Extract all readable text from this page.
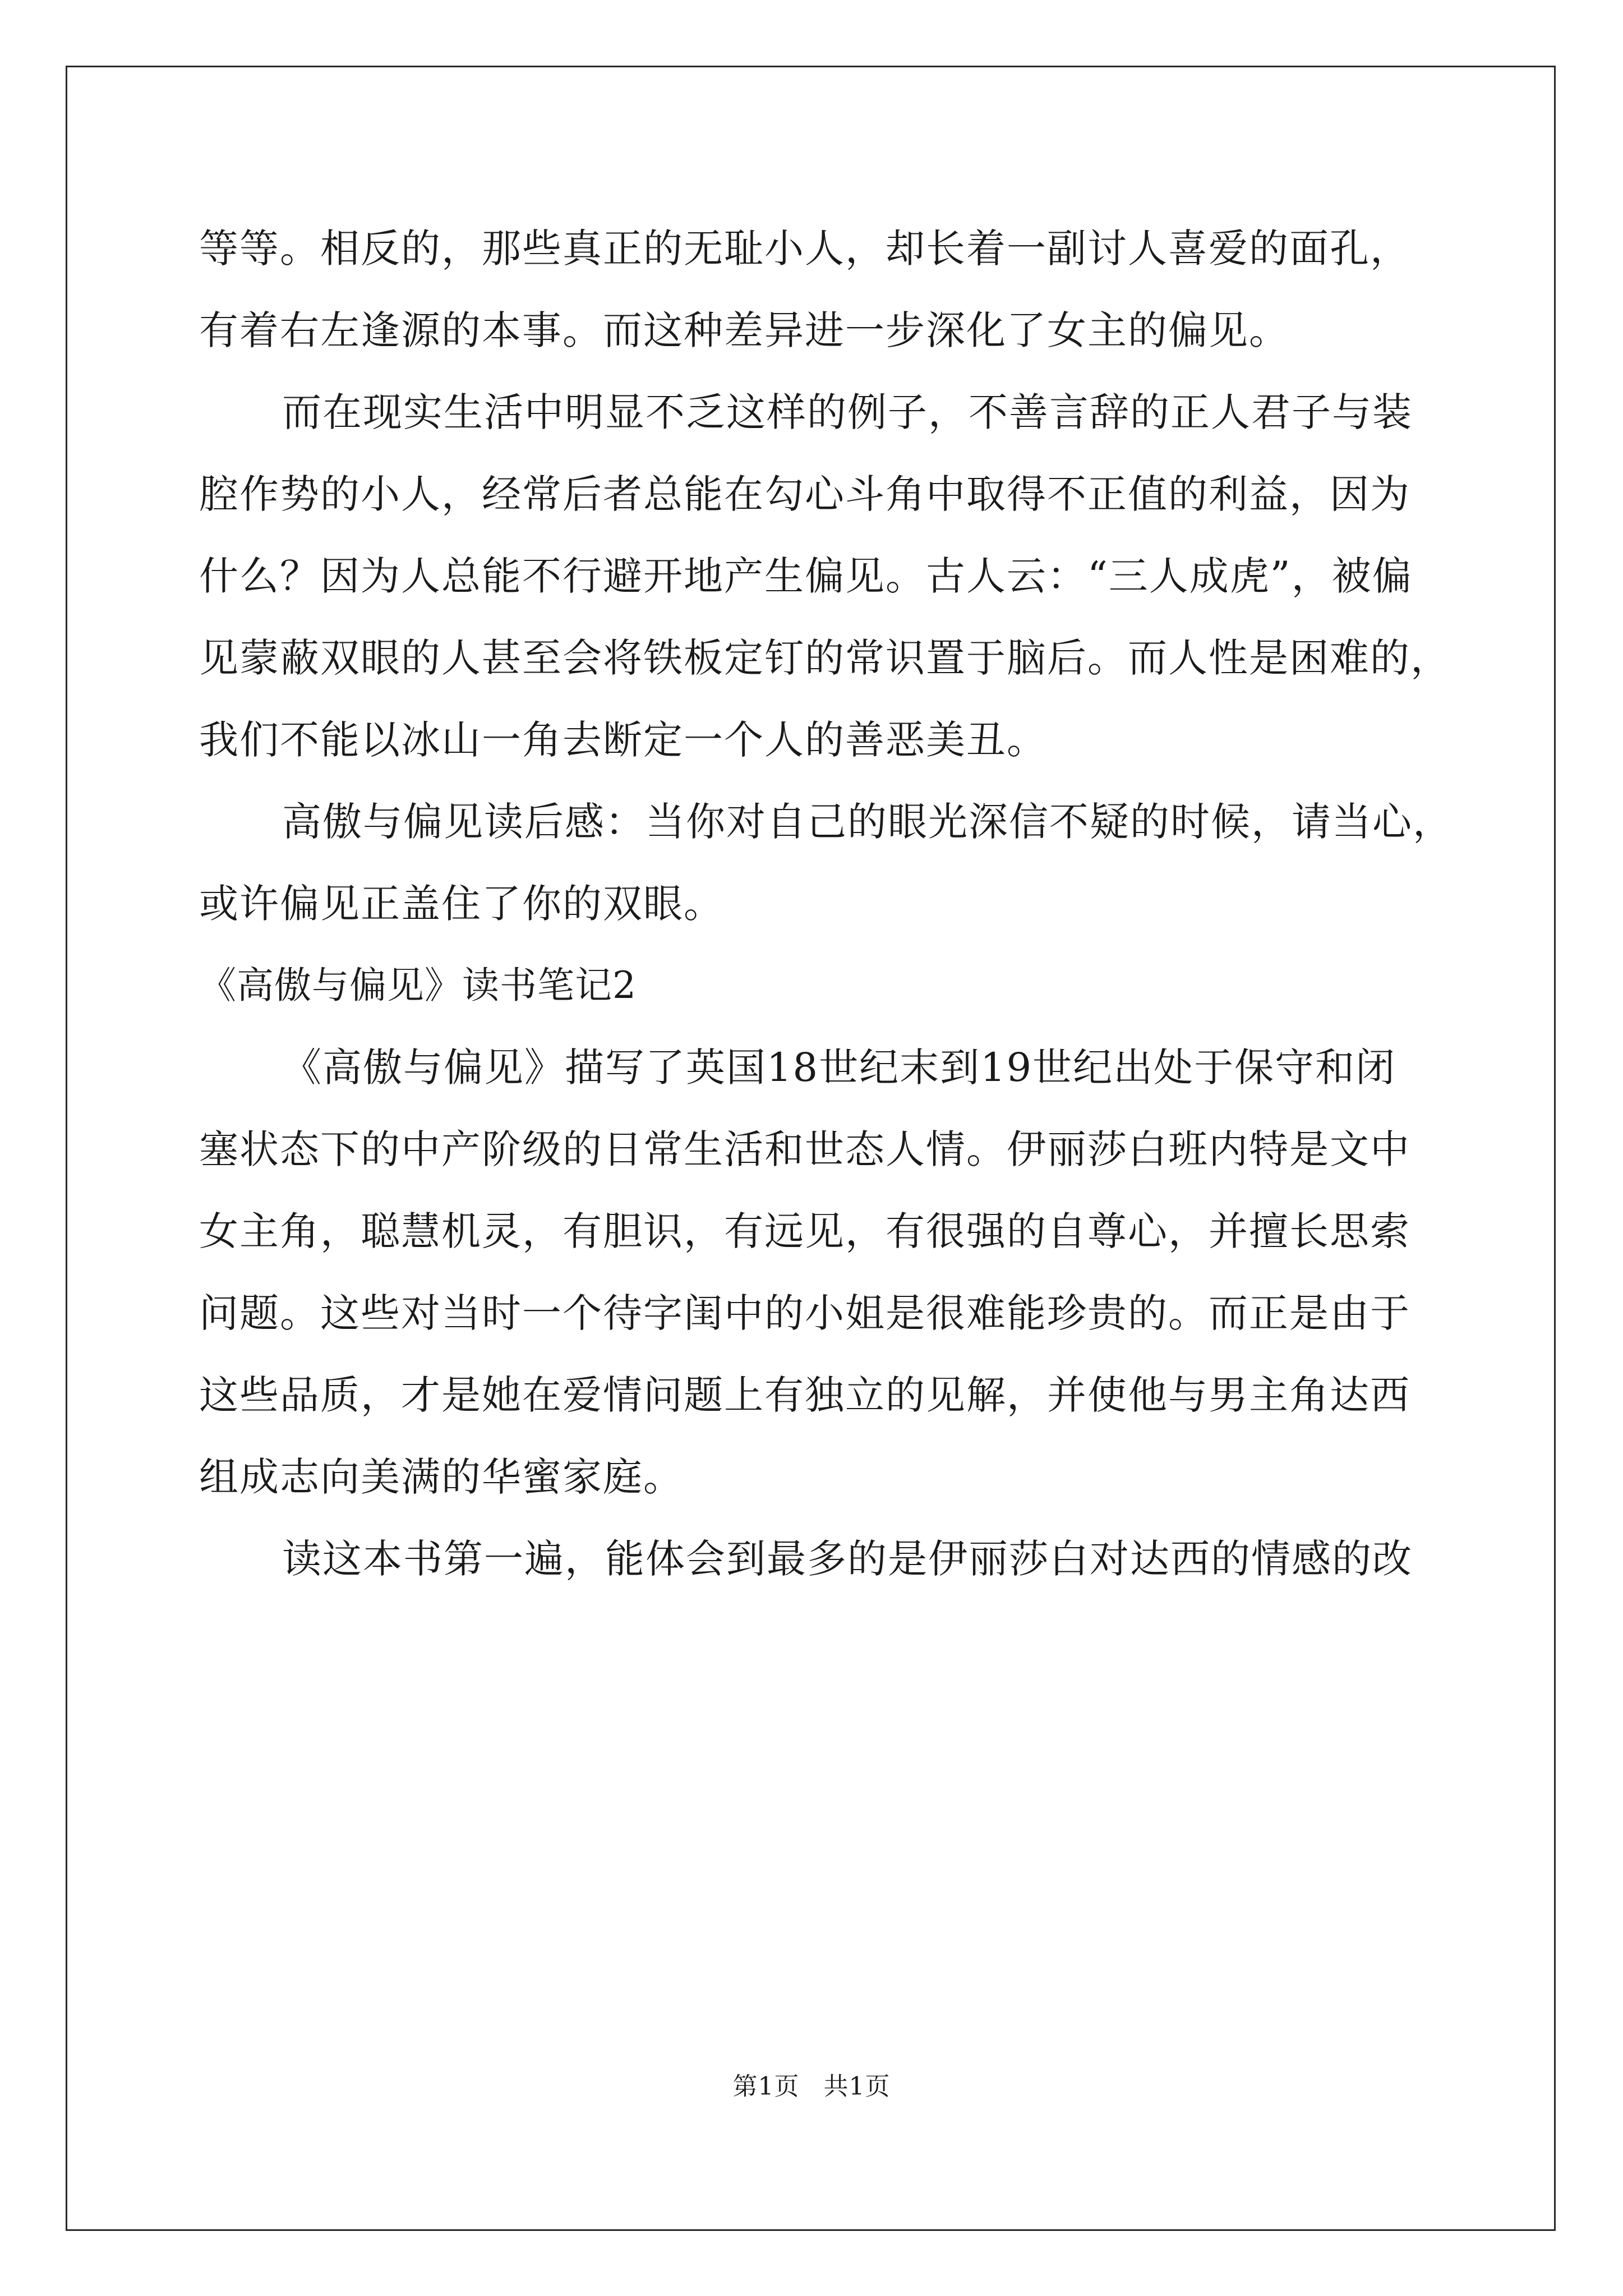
等等。相反的，那些真正的无耻小人，却长着一副讨人喜爱的面孔，
有着右左逢源的本事。而这种差异进一步深化了女主的偏见。
而在现实生活中明显不乏这样的例子，不善言辞的正人君子与装
腔作势的小人，经常后者总能在勾心斗角中取得不正值的利益，因为
什么？因为人总能不行避开地产生偏见。古人云：“三人成虎”，被偏
见蒙蔽双眼的人甚至会将铁板定钉的常识置于脑后。而人性是困难的，
我们不能以冰山一角去断定一个人的善恶美丑。
高傲与偏见读后感：当你对自己的眼光深信不疑的时候，请当心，
或许偏见正盖住了你的双眼。
《高傲与偏见》读书笔记2
《高傲与偏见》描写了英国18世纪末到19世纪出处于保守和闭
塞状态下的中产阶级的日常生活和世态人情。伊丽莎白班内特是文中
女主角，聪慧机灵，有胆识，有远见，有很强的自尊心，并擅长思索
问题。这些对当时一个待字闺中的小姐是很难能珍贵的。而正是由于
这些品质，才是她在爱情问题上有独立的见解，并使他与男主角达西
组成志向美满的华蜜家庭。
读这本书第一遍，能体会到最多的是伊丽莎白对达西的情感的改
第1页 共1页
